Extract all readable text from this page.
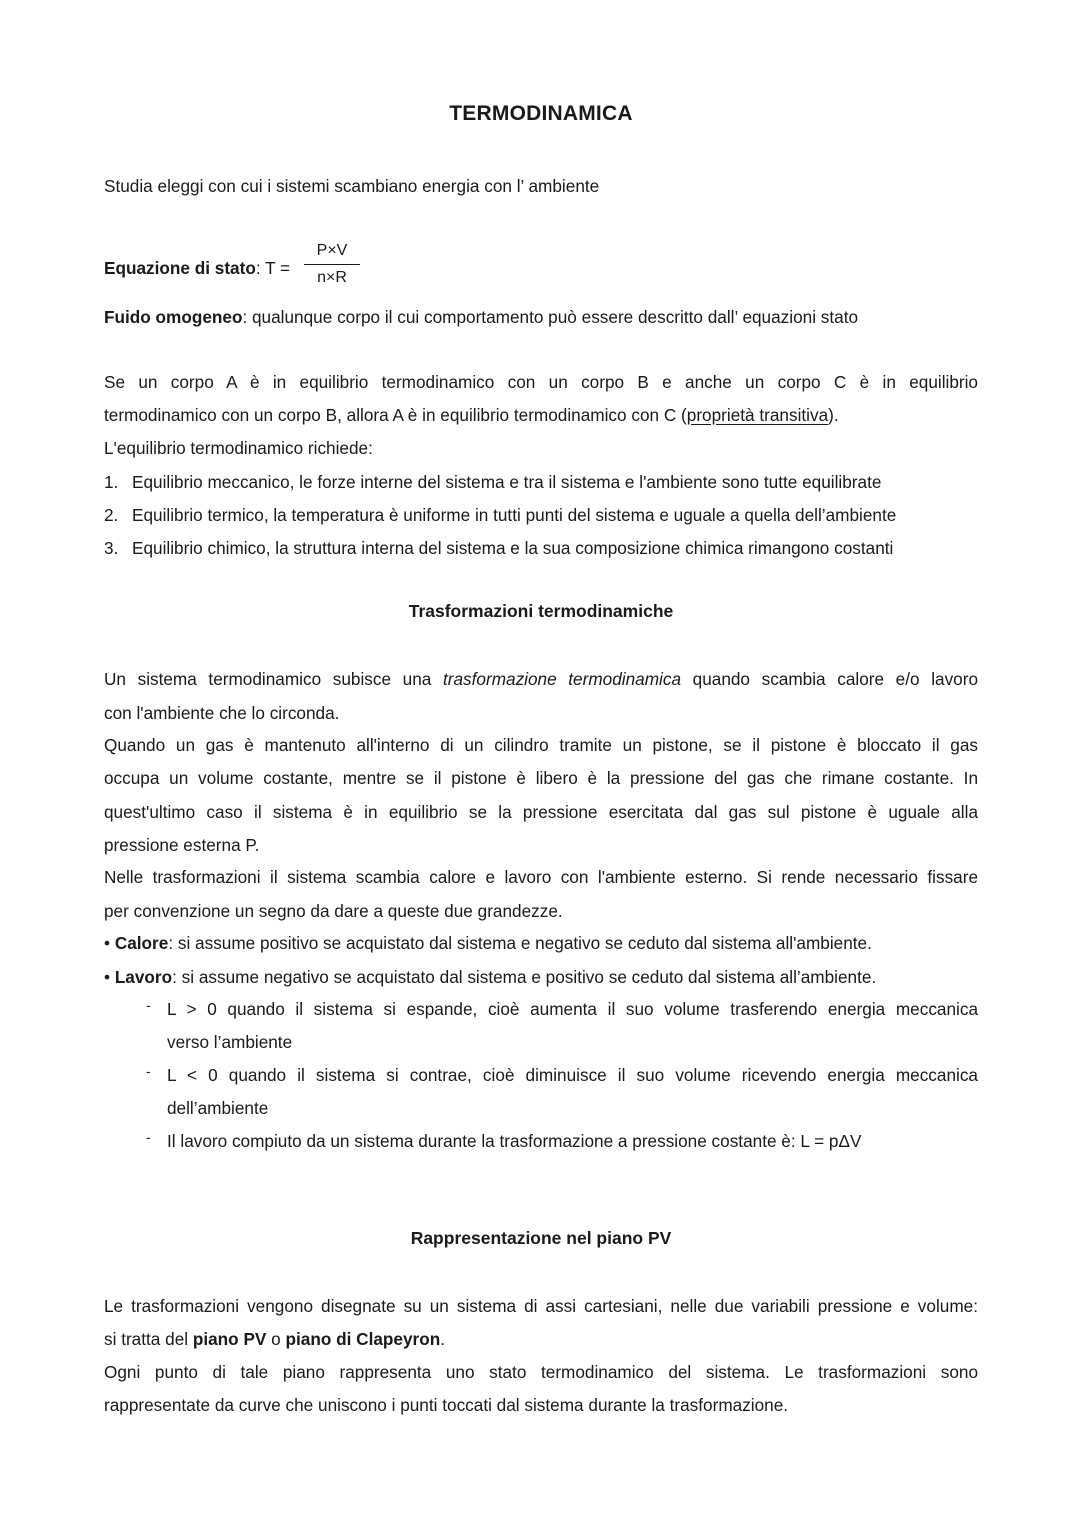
TERMODINAMICA
Studia eleggi con cui i sistemi scambiano energia con l’ ambiente
Equazione di stato: T =
P×V
n×R
Fuido omogeneo: qualunque corpo il cui comportamento può essere descritto dall’ equazioni stato
Se un corpo A è in equilibrio termodinamico con un corpo B e anche un corpo C è in equilibrio
termodinamico con un corpo B, allora A è in equilibrio termodinamico con C (proprietà transitiva).
L'equilibrio termodinamico richiede:
1. Equilibrio meccanico, le forze interne del sistema e tra il sistema e l'ambiente sono tutte equilibrate
2. Equilibrio termico, la temperatura è uniforme in tutti punti del sistema e uguale a quella dell’ambiente
3. Equilibrio chimico, la struttura interna del sistema e la sua composizione chimica rimangono costanti
Trasformazioni termodinamiche
Un sistema termodinamico subisce una trasformazione termodinamica quando scambia calore e/o lavoro
con l'ambiente che lo circonda.
Quando un gas è mantenuto all'interno di un cilindro tramite un pistone, se il pistone è bloccato il gas
occupa un volume costante, mentre se il pistone è libero è la pressione del gas che rimane costante. In
quest'ultimo caso il sistema è in equilibrio se la pressione esercitata dal gas sul pistone è uguale alla
pressione esterna P.
Nelle trasformazioni il sistema scambia calore e lavoro con l'ambiente esterno. Si rende necessario fissare
per convenzione un segno da dare a queste due grandezze.
• Calore: si assume positivo se acquistato dal sistema e negativo se ceduto dal sistema all'ambiente.
• Lavoro: si assume negativo se acquistato dal sistema e positivo se ceduto dal sistema all’ambiente.
- L > 0 quando il sistema si espande, cioè aumenta il suo volume trasferendo energia meccanica
verso l’ambiente
- L < 0 quando il sistema si contrae, cioè diminuisce il suo volume ricevendo energia meccanica
dell’ambiente
- Il lavoro compiuto da un sistema durante la trasformazione a pressione costante è: L = pΔV
Rappresentazione nel piano PV
Le trasformazioni vengono disegnate su un sistema di assi cartesiani, nelle due variabili pressione e volume:
si tratta del piano PV o piano di Clapeyron.
Ogni punto di tale piano rappresenta uno stato termodinamico del sistema. Le trasformazioni sono
rappresentate da curve che uniscono i punti toccati dal sistema durante la trasformazione.
